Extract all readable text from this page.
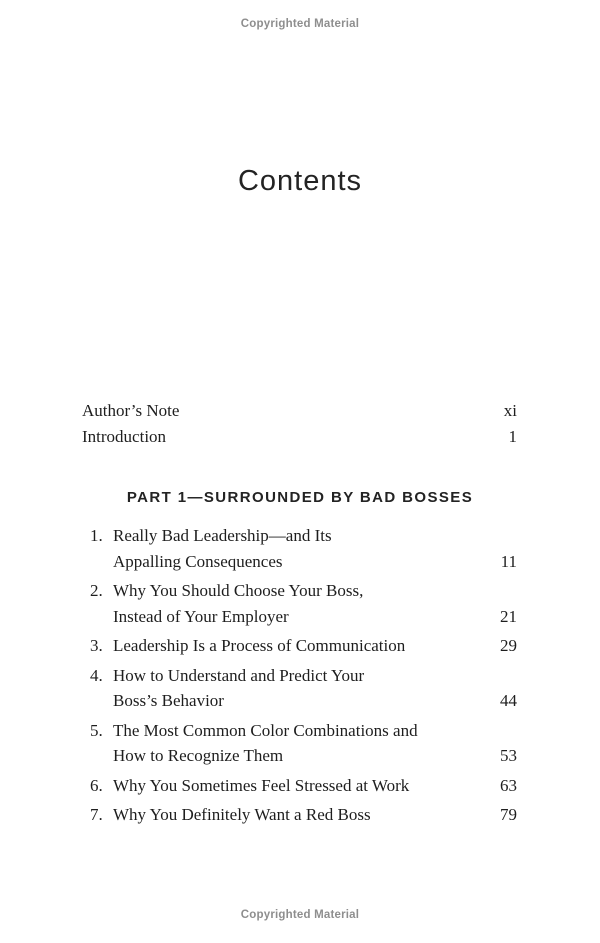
Copyrighted Material
Contents
Author’s Note	xi
Introduction	1
PART 1—SURROUNDED BY BAD BOSSES
1. Really Bad Leadership—and Its
Appalling Consequences	11
2. Why You Should Choose Your Boss,
Instead of Your Employer	21
3. Leadership Is a Process of Communication	29
4. How to Understand and Predict Your
Boss’s Behavior	44
5. The Most Common Color Combinations and
How to Recognize Them	53
6. Why You Sometimes Feel Stressed at Work	63
7. Why You Definitely Want a Red Boss	79
Copyrighted Material
